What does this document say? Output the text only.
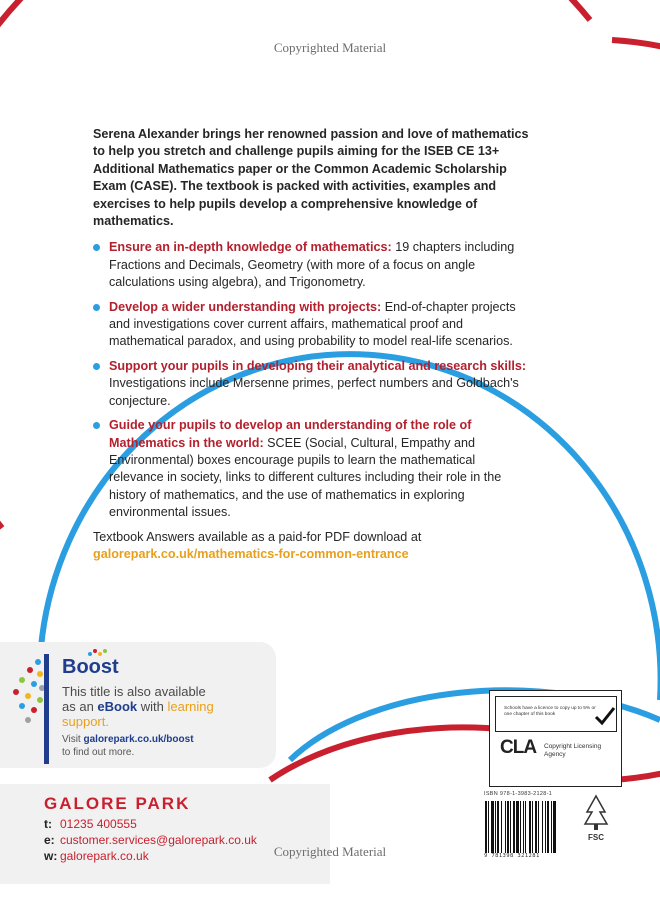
Copyrighted Material

Serena Alexander brings her renowned passion and love of mathematics to help you stretch and challenge pupils aiming for the ISEB CE 13+ Additional Mathematics paper or the Common Academic Scholarship Exam (CASE). The textbook is packed with activities, examples and exercises to help pupils develop a comprehensive knowledge of mathematics.

Ensure an in-depth knowledge of mathematics: 19 chapters including Fractions and Decimals, Geometry (with more of a focus on angle calculations using algebra), and Trigonometry.
Develop a wider understanding with projects: End-of-chapter projects and investigations cover current affairs, mathematical proof and mathematical paradox, and using probability to model real-life scenarios.
Support your pupils in developing their analytical and research skills: Investigations include Mersenne primes, perfect numbers and Goldbach's conjecture.
Guide your pupils to develop an understanding of the role of Mathematics in the world: SCEE (Social, Cultural, Empathy and Environmental) boxes encourage pupils to learn the mathematical relevance in society, links to different cultures including their role in the history of mathematics, and the use of mathematics in exploring environmental issues.
Textbook Answers available as a paid-for PDF download at
galorepark.co.uk/mathematics-for-common-entrance
Boost
This title is also available
as an eBook with learning
support.
Visit galorepark.co.uk/boost
to find out more.
GALORE PARK
t: 01235 400555
e: customer.services@galorepark.co.uk
w: galorepark.co.uk
Schools have a licence to copy up to 5% or one chapter of this book
CLA Copyright Licensing Agency
ISBN 978-1-3983-2128-1
9 781398 321281
FSC
Copyrighted Material
